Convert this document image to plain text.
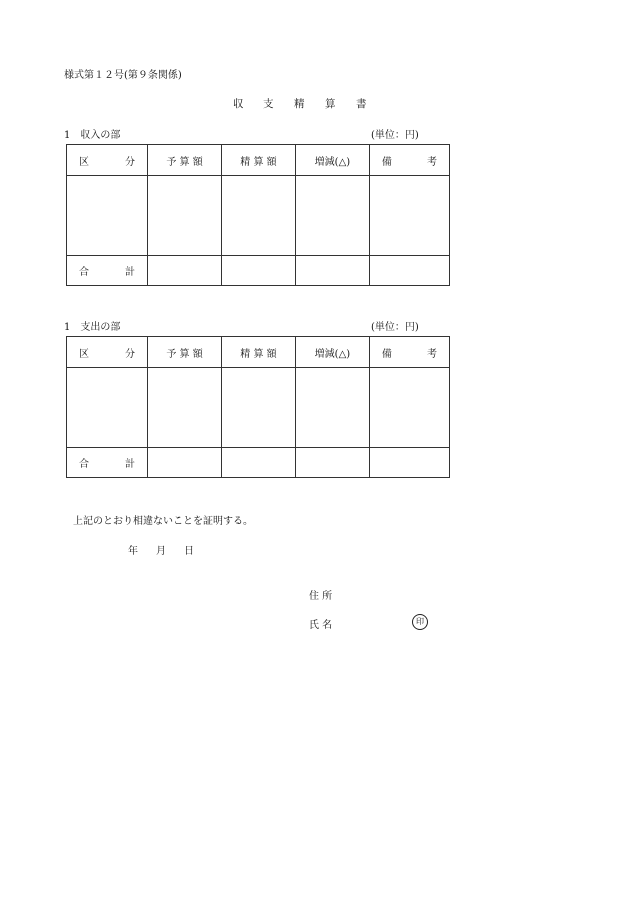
様式第１２号(第９条関係)
収 支 精 算 書
1　収入の部	(単位：円)
区 分	予 算 額	精 算 額	増減(△)	備 考

合 計				

1　支出の部	(単位：円)
区 分	予 算 額	精 算 額	増減(△)	備 考

合 計				

上記のとおり相違ないことを証明する。
年 月 日
住 所
氏 名	印
